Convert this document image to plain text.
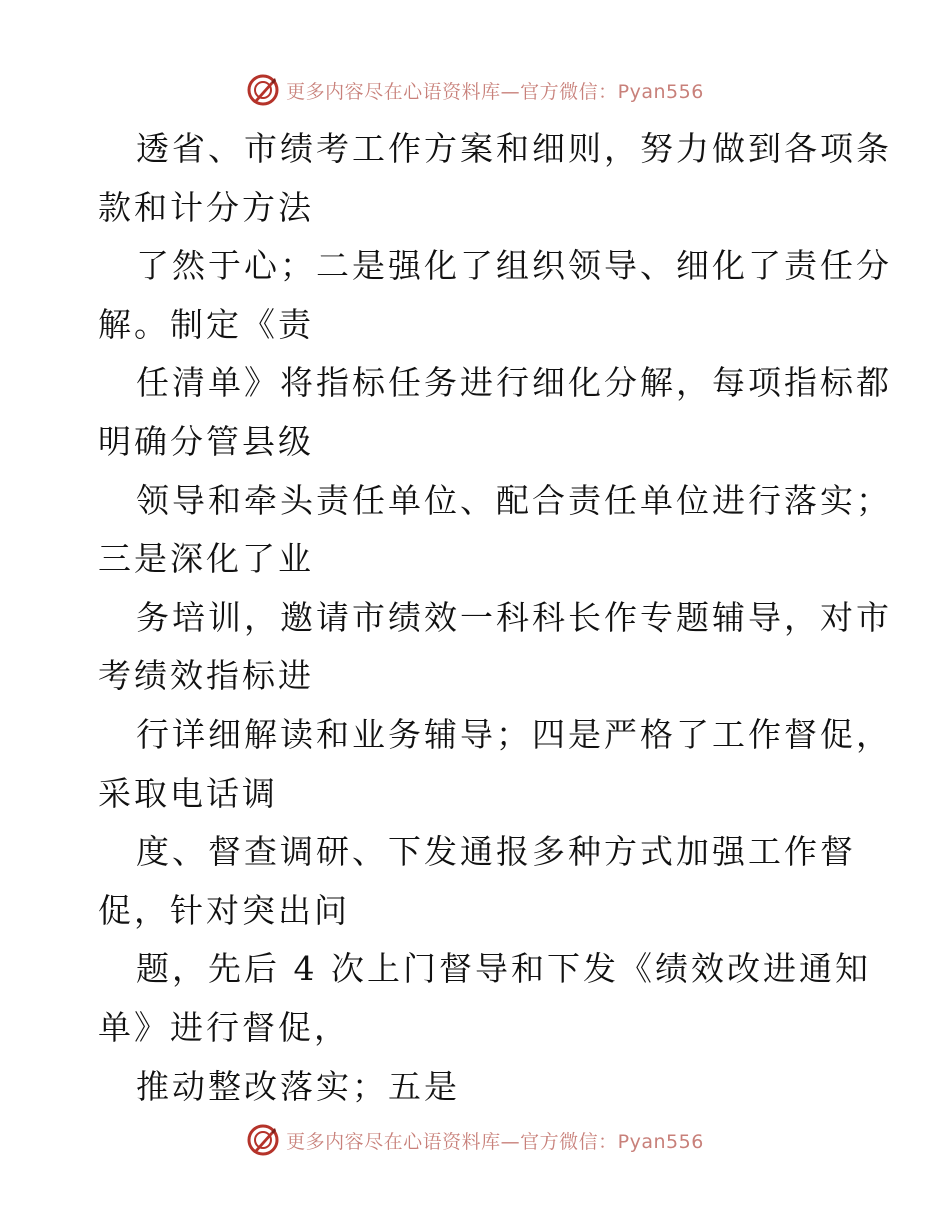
更多内容尽在心语资料库—官方微信：Pyan556
透省、市绩考工作方案和细则，努力做到各项条
款和计分方法
了然于心；二是强化了组织领导、细化了责任分
解。制定《责
任清单》将指标任务进行细化分解，每项指标都
明确分管县级
领导和牵头责任单位、配合责任单位进行落实；
三是深化了业
务培训，邀请市绩效一科科长作专题辅导，对市
考绩效指标进
行详细解读和业务辅导；四是严格了工作督促，
采取电话调
度、督查调研、下发通报多种方式加强工作督
促，针对突出问
题，先后 4 次上门督导和下发《绩效改进通知
单》进行督促，
推动整改落实；五是
更多内容尽在心语资料库—官方微信：Pyan556
